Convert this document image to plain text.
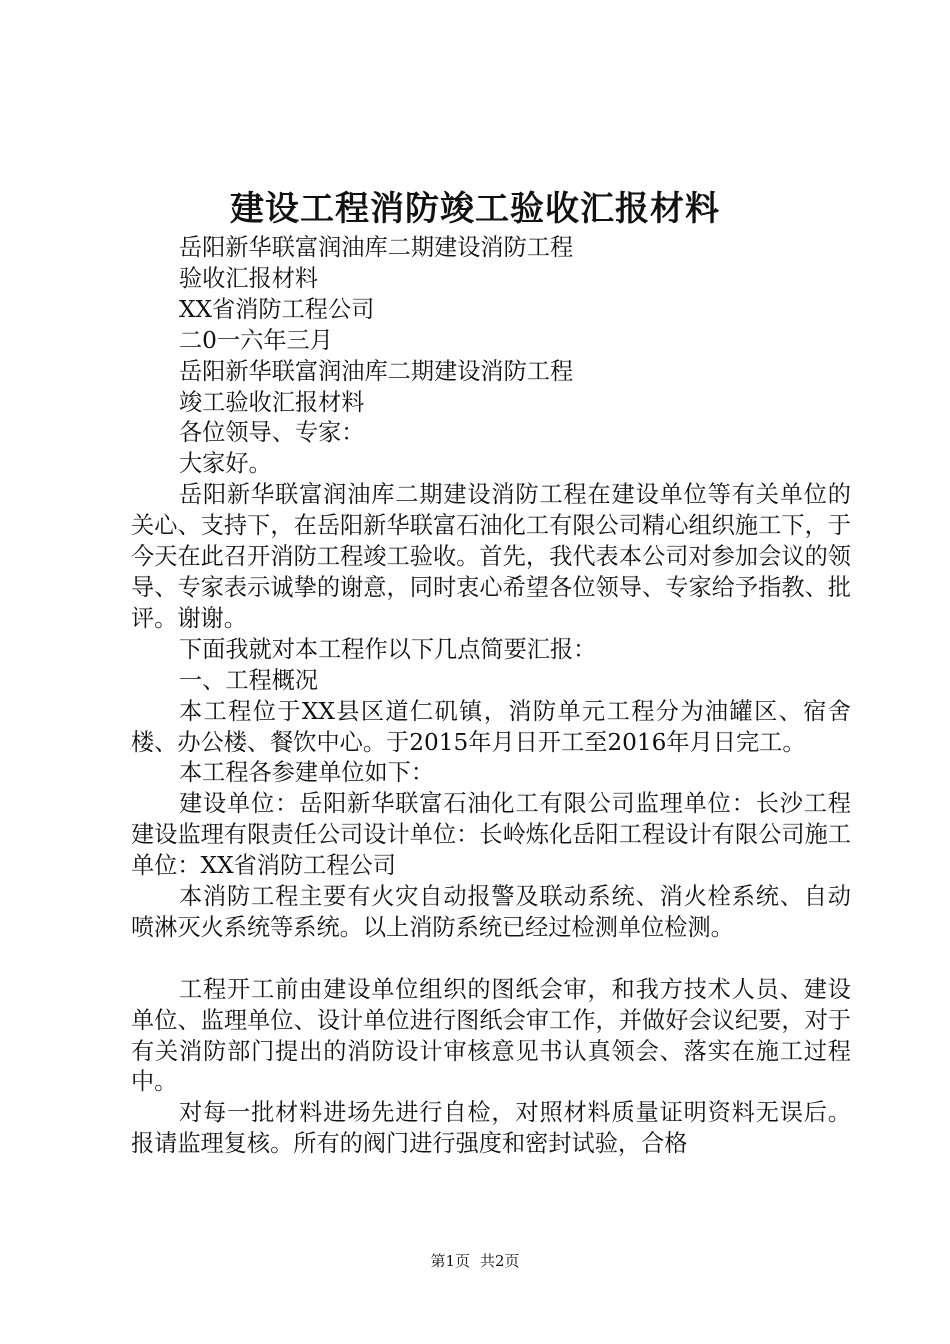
建设工程消防竣工验收汇报材料

岳阳新华联富润油库二期建设消防工程

验收汇报材料

XX省消防工程公司

二0一六年三月

岳阳新华联富润油库二期建设消防工程

竣工验收汇报材料

各位领导、专家：

大家好。

岳阳新华联富润油库二期建设消防工程在建设单位等有关单位的关心、支持下，在岳阳新华联富石油化工有限公司精心组织施工下，于今天在此召开消防工程竣工验收。首先，我代表本公司对参加会议的领导、专家表示诚挚的谢意，同时衷心希望各位领导、专家给予指教、批评。谢谢。

下面我就对本工程作以下几点简要汇报：

一、工程概况

本工程位于XX县区道仁矶镇，消防单元工程分为油罐区、宿舍楼、办公楼、餐饮中心。于2015年月日开工至2016年月日完工。

本工程各参建单位如下：

建设单位：岳阳新华联富石油化工有限公司监理单位：长沙工程建设监理有限责任公司设计单位：长岭炼化岳阳工程设计有限公司施工单位：XX省消防工程公司

本消防工程主要有火灾自动报警及联动系统、消火栓系统、自动喷淋灭火系统等系统。以上消防系统已经过检测单位检测。

工程开工前由建设单位组织的图纸会审，和我方技术人员、建设单位、监理单位、设计单位进行图纸会审工作，并做好会议纪要，对于有关消防部门提出的消防设计审核意见书认真领会、落实在施工过程中。

对每一批材料进场先进行自检，对照材料质量证明资料无误后。报请监理复核。所有的阀门进行强度和密封试验，合格

第1页 共2页
